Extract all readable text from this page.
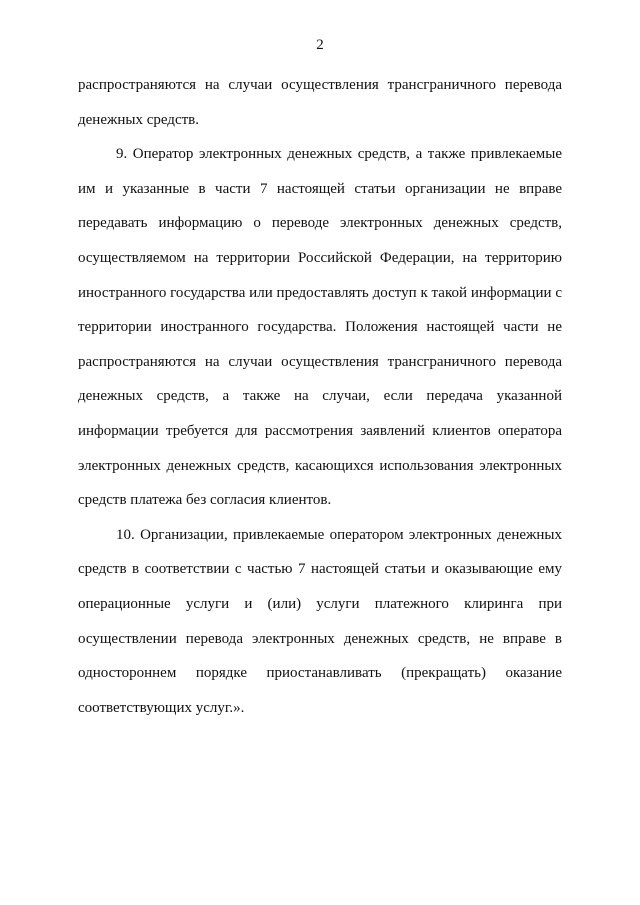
2
распространяются на случаи осуществления трансграничного перевода
денежных средств.
9. Оператор электронных денежных средств, а также привлекаемые
им и указанные в части 7 настоящей статьи организации не вправе
передавать информацию о переводе электронных денежных средств,
осуществляемом на территории Российской Федерации, на территорию
иностранного государства или предоставлять доступ к такой информации с
территории иностранного государства. Положения настоящей части не
распространяются на случаи осуществления трансграничного перевода
денежных средств, а также на случаи, если передача указанной
информации требуется для рассмотрения заявлений клиентов оператора
электронных денежных средств, касающихся использования электронных
средств платежа без согласия клиентов.
10. Организации, привлекаемые оператором электронных денежных
средств в соответствии с частью 7 настоящей статьи и оказывающие ему
операционные услуги и (или) услуги платежного клиринга при
осуществлении перевода электронных денежных средств, не вправе в
одностороннем порядке приостанавливать (прекращать) оказание
соответствующих услуг.».
